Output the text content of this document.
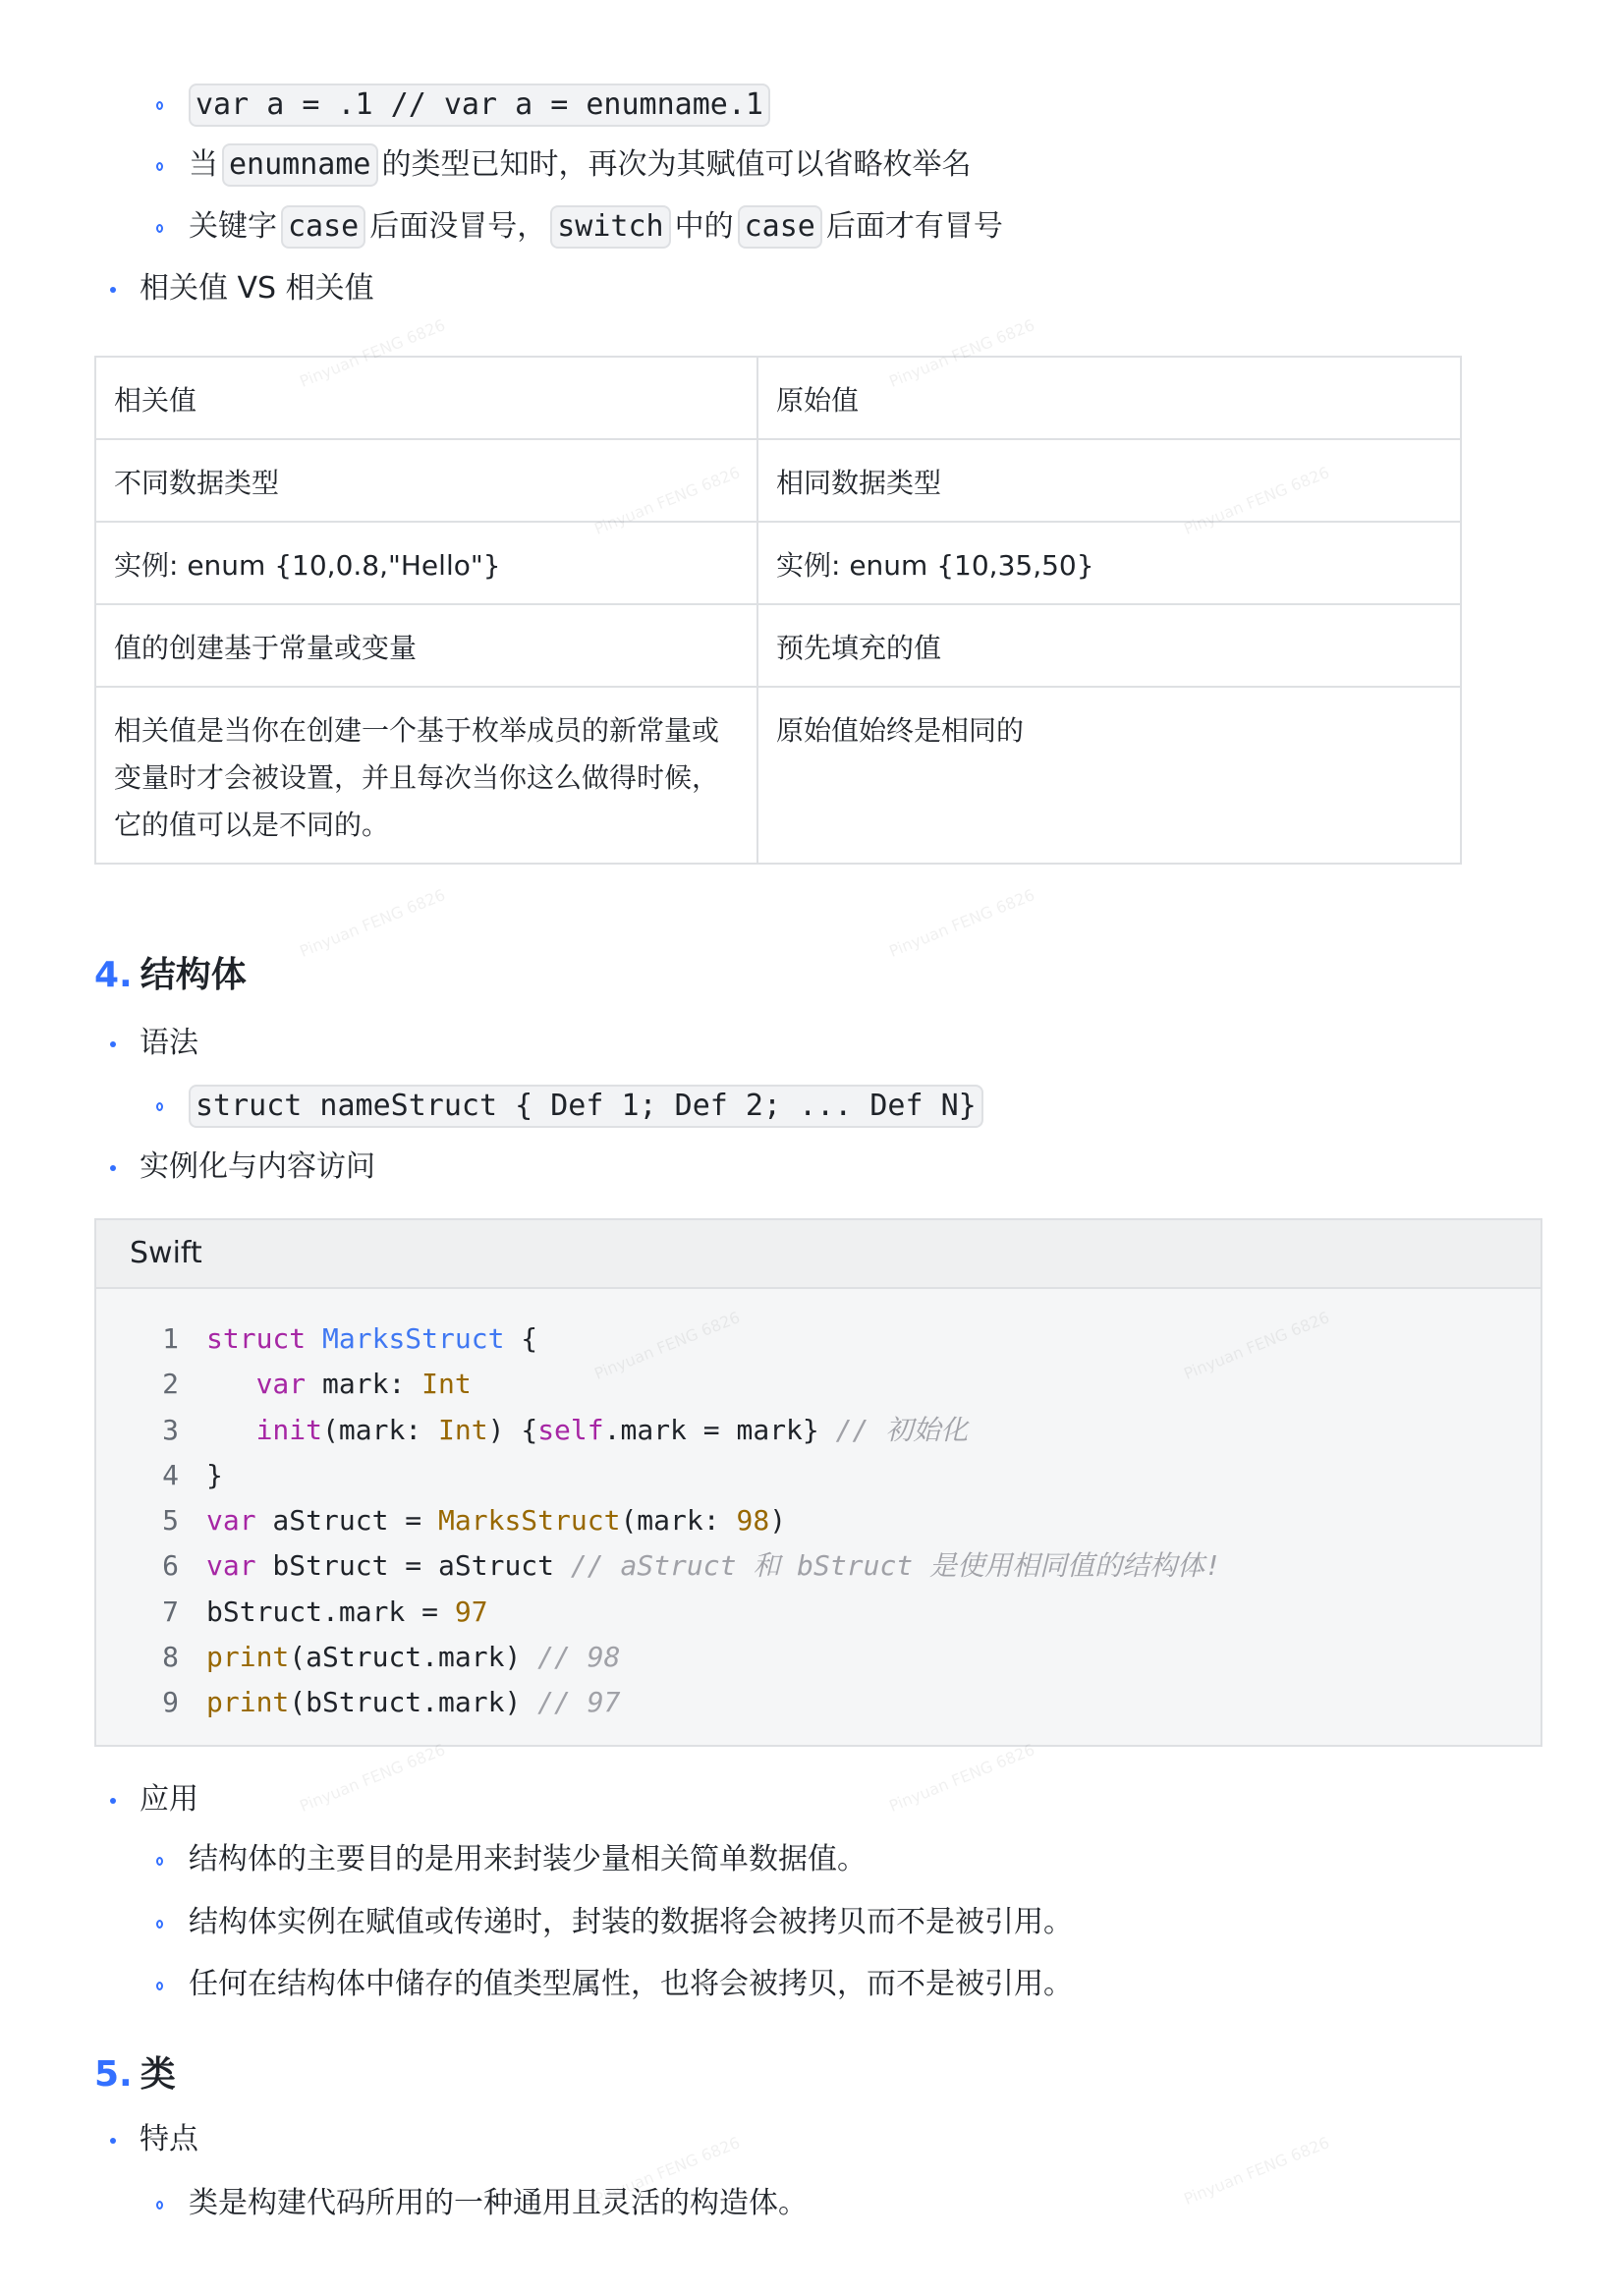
var a = .1 // var a = enumname.1
当 enumname 的类型已知时，再次为其赋值可以省略枚举名
关键字 case 后面没冒号， switch 中的 case 后面才有冒号
相关值 VS 相关值
相关值	原始值
不同数据类型	相同数据类型
实例: enum {10,0.8,"Hello"}	实例: enum {10,35,50}
值的创建基于常量或变量	预先填充的值
相关值是当你在创建一个基于枚举成员的新常量或变量时才会被设置，并且每次当你这么做得时候，它的值可以是不同的。	原始值始终是相同的
4. 结构体
语法
struct nameStruct { Def 1; Def 2; ... Def N}
实例化与内容访问
Swift
1	struct MarksStruct {
2	var mark: Int
3	init(mark: Int) {self.mark = mark} // 初始化
4	}
5	var aStruct = MarksStruct(mark: 98)
6	var bStruct = aStruct // aStruct 和 bStruct 是使用相同值的结构体!
7	bStruct.mark = 97
8	print(aStruct.mark) // 98
9	print(bStruct.mark) // 97
应用
结构体的主要目的是用来封装少量相关简单数据值。
结构体实例在赋值或传递时，封装的数据将会被拷贝而不是被引用。
任何在结构体中储存的值类型属性，也将会被拷贝，而不是被引用。
5. 类
特点
类是构建代码所用的一种通用且灵活的构造体。
Pinyuan FENG 6826	Pinyuan FENG 6826
Pinyuan FENG 6826	Pinyuan FENG 6826
Pinyuan FENG 6826	Pinyuan FENG 6826
Pinyuan FENG 6826	Pinyuan FENG 6826
Pinyuan FENG 6826	Pinyuan FENG 6826
